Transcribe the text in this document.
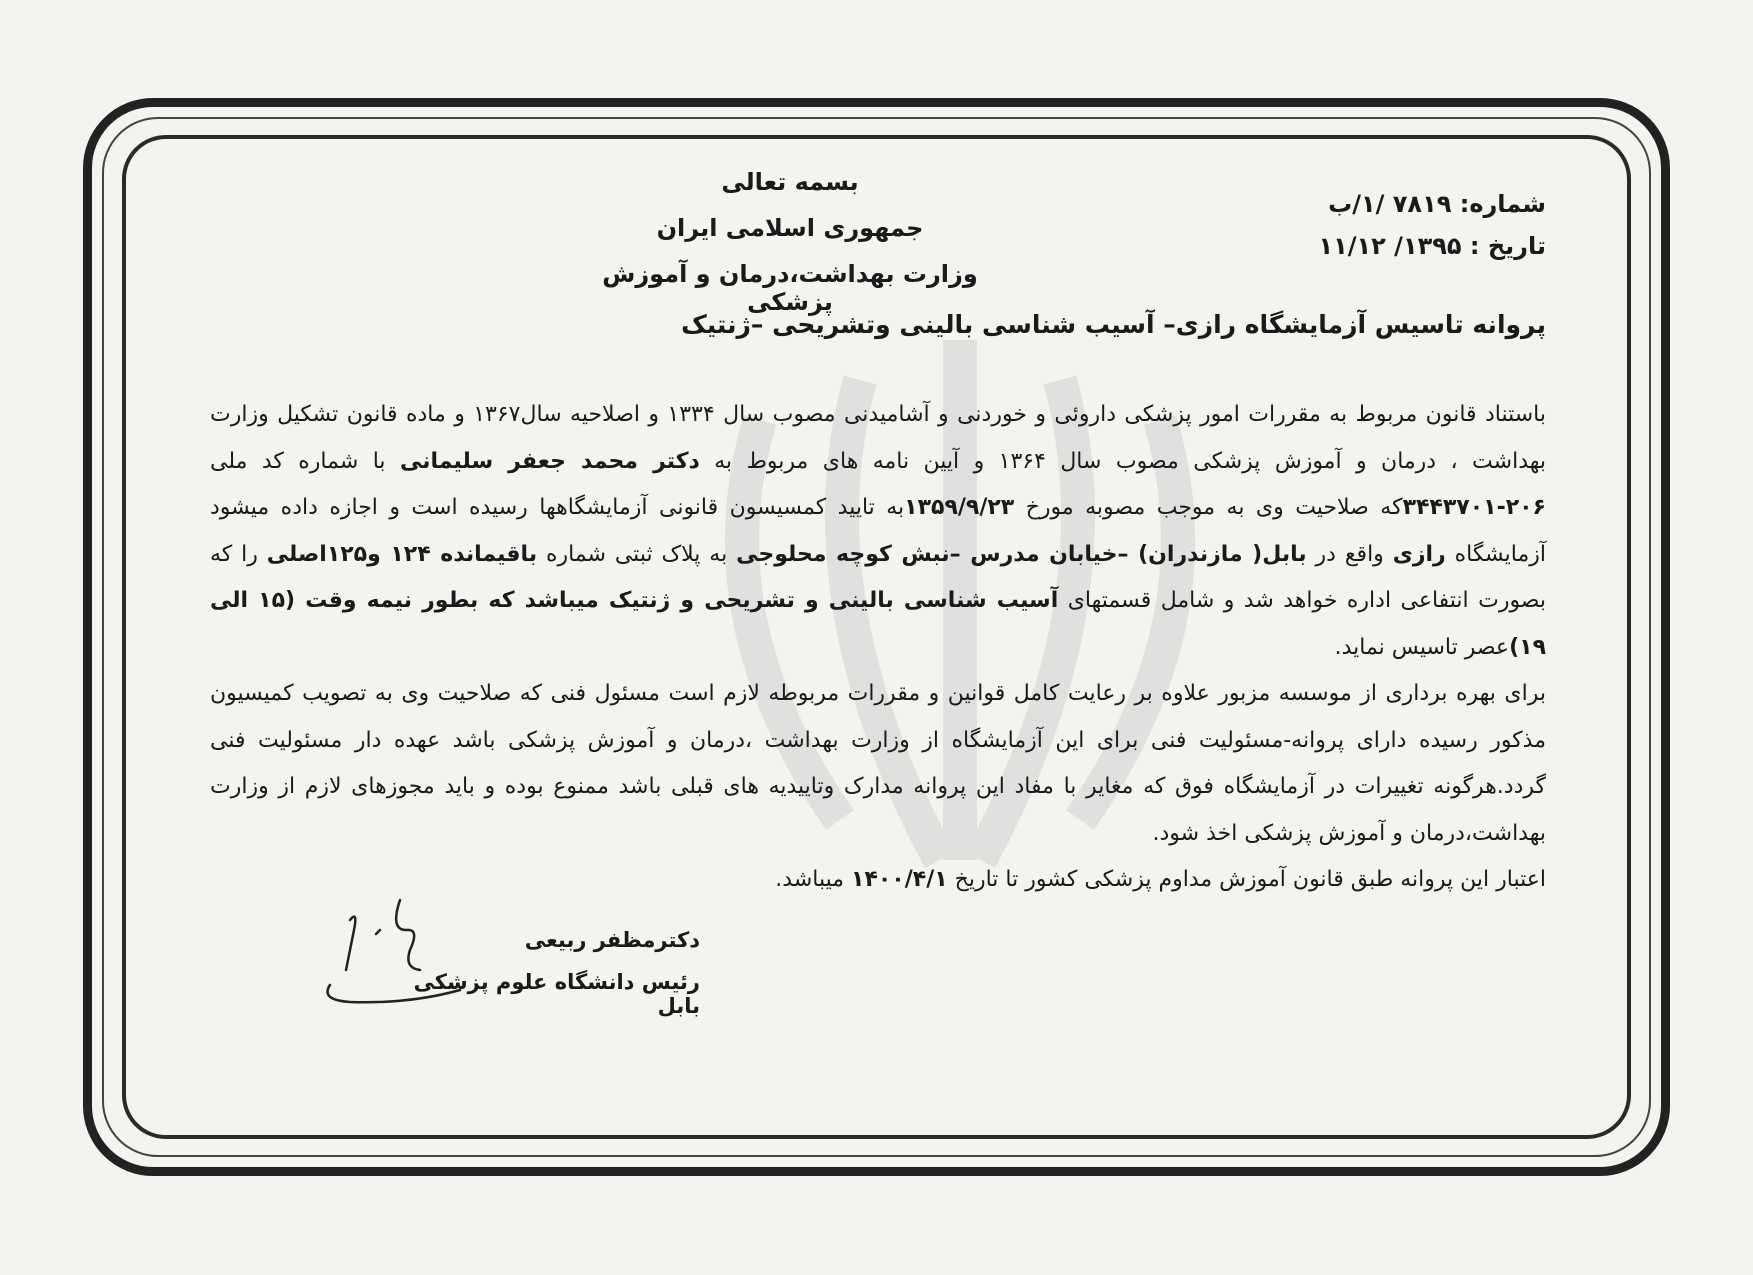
بسمه تعالی
جمهوری اسلامی ایران
وزارت بهداشت،درمان و آموزش پزشکی
شماره: ۷۸۱۹ /۱/ب
تاریخ : ۱۳۹۵/ ۱۱/۱۲
پروانه تاسیس آزمایشگاه رازی– آسیب شناسی بالینی وتشریحی –ژنتیک

باستناد قانون مربوط به مقررات امور پزشکی داروئی و خوردنی و آشامیدنی مصوب سال ۱۳۳۴ و اصلاحیه سال۱۳۶۷ و ماده قانون تشکیل وزارت بهداشت ، درمان و آموزش پزشکی مصوب سال ۱۳۶۴ و آیین نامه های مربوط به دکتر محمد جعفر سلیمانی با شماره کد ملی ۲۰۶-۳۴۴۳۷۰۱که صلاحیت وی به موجب مصوبه مورخ ۱۳۵۹/۹/۲۳به تایید کمسیسون قانونی آزمایشگاهها رسیده است و اجازه داده میشود آزمایشگاه رازی واقع در بابل( مازندران) –خیابان مدرس –نبش کوچه محلوجی به پلاک ثبتی شماره باقیمانده ۱۲۴ و۱۲۵اصلی را که بصورت انتفاعی اداره خواهد شد و شامل قسمتهای آسیب شناسی بالینی و تشریحی و ژنتیک میباشد که بطور نیمه وقت (۱۵ الی ۱۹)عصر تاسیس نماید.

برای بهره برداری از موسسه مزبور علاوه بر رعایت کامل قوانین و مقررات مربوطه لازم است مسئول فنی که صلاحیت وی به تصویب کمیسیون مذکور رسیده دارای پروانه-مسئولیت فنی برای این آزمایشگاه از وزارت بهداشت ،درمان و آموزش پزشکی باشد عهده دار مسئولیت فنی گردد.هرگونه تغییرات در آزمایشگاه فوق که مغایر با مفاد این پروانه مدارک وتاییدیه های قبلی باشد ممنوع بوده و باید مجوزهای لازم از وزارت بهداشت،درمان و آموزش پزشکی اخذ شود.

اعتبار این پروانه طبق قانون آموزش مداوم پزشکی کشور تا تاریخ ۱۴۰۰/۴/۱ میباشد.

دکترمظفر ربیعی
رئیس دانشگاه علوم پزشکی بابل
